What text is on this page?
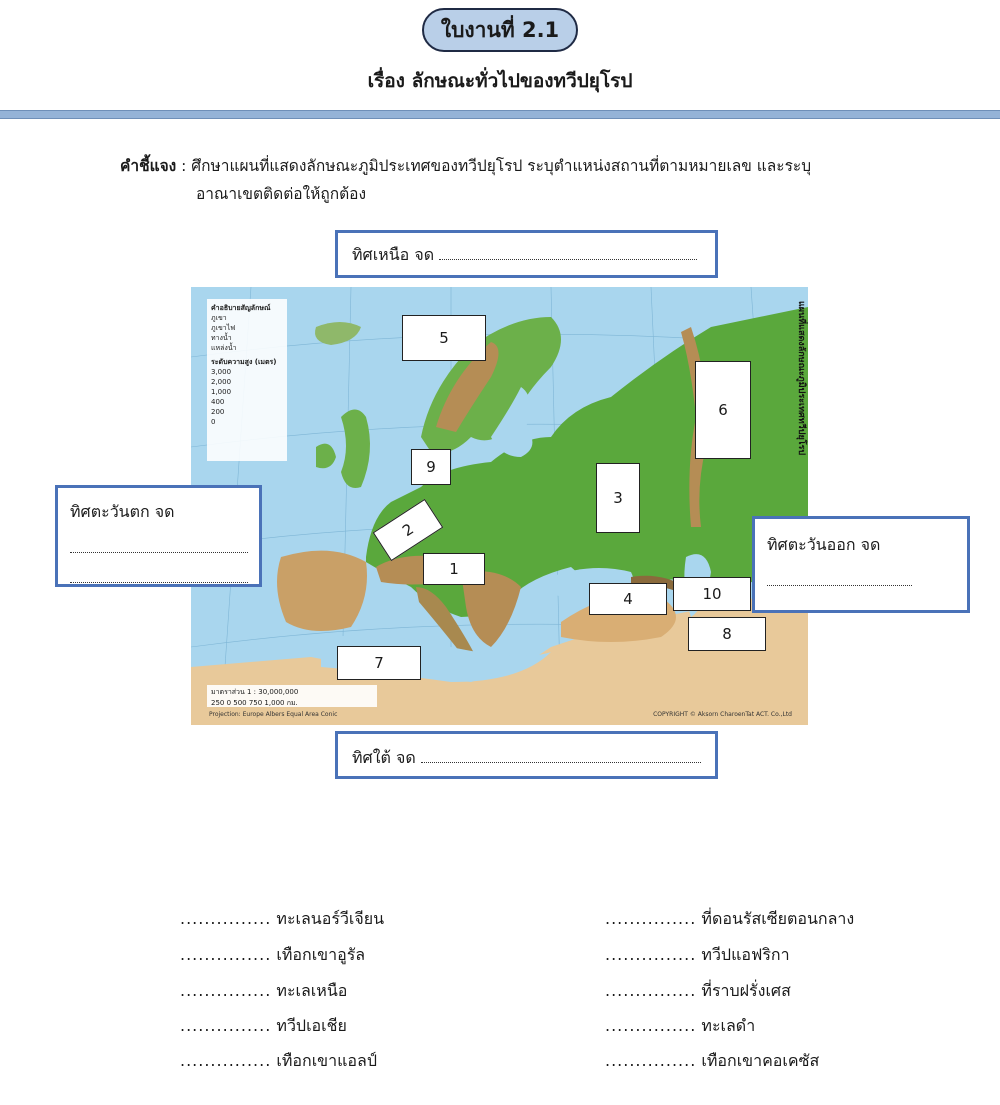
ใบงานที่ 2.1
เรื่อง ลักษณะทั่วไปของทวีปยุโรป
คำชี้แจง : ศึกษาแผนที่แสดงลักษณะภูมิประเทศของทวีปยุโรป ระบุตำแหน่งสถานที่ตามหมายเลข และระบุ
อาณาเขตติดต่อให้ถูกต้อง
คำอธิบายสัญลักษณ์
ภูเขา
ภูเขาไฟ
ทางน้ำ
แหล่งน้ำ
ระดับความสูง (เมตร)
3,000
2,000
1,000
400
200
0
มาตราส่วน 1 : 30,000,000
250 0 500 750 1,000 กม.
Projection: Europe Albers Equal Area Conic	COPYRIGHT © Aksorn CharoenTat ACT. Co.,Ltd
แผนที่แสดงลักษณะภูมิประเทศทวีปยุโรป
1
2
3
4
5
6
7
8
9
10
ทิศเหนือ จด
ทิศใต้ จด
ทิศตะวันตก จด
ทิศตะวันออก จด
............... ทะเลนอร์วีเจียน
............... เทือกเขาอูรัล
............... ทะเลเหนือ
............... ทวีปเอเชีย
............... เทือกเขาแอลป์
............... ที่ดอนรัสเซียตอนกลาง
............... ทวีปแอฟริกา
............... ที่ราบฝรั่งเศส
............... ทะเลดำ
............... เทือกเขาคอเคซัส
